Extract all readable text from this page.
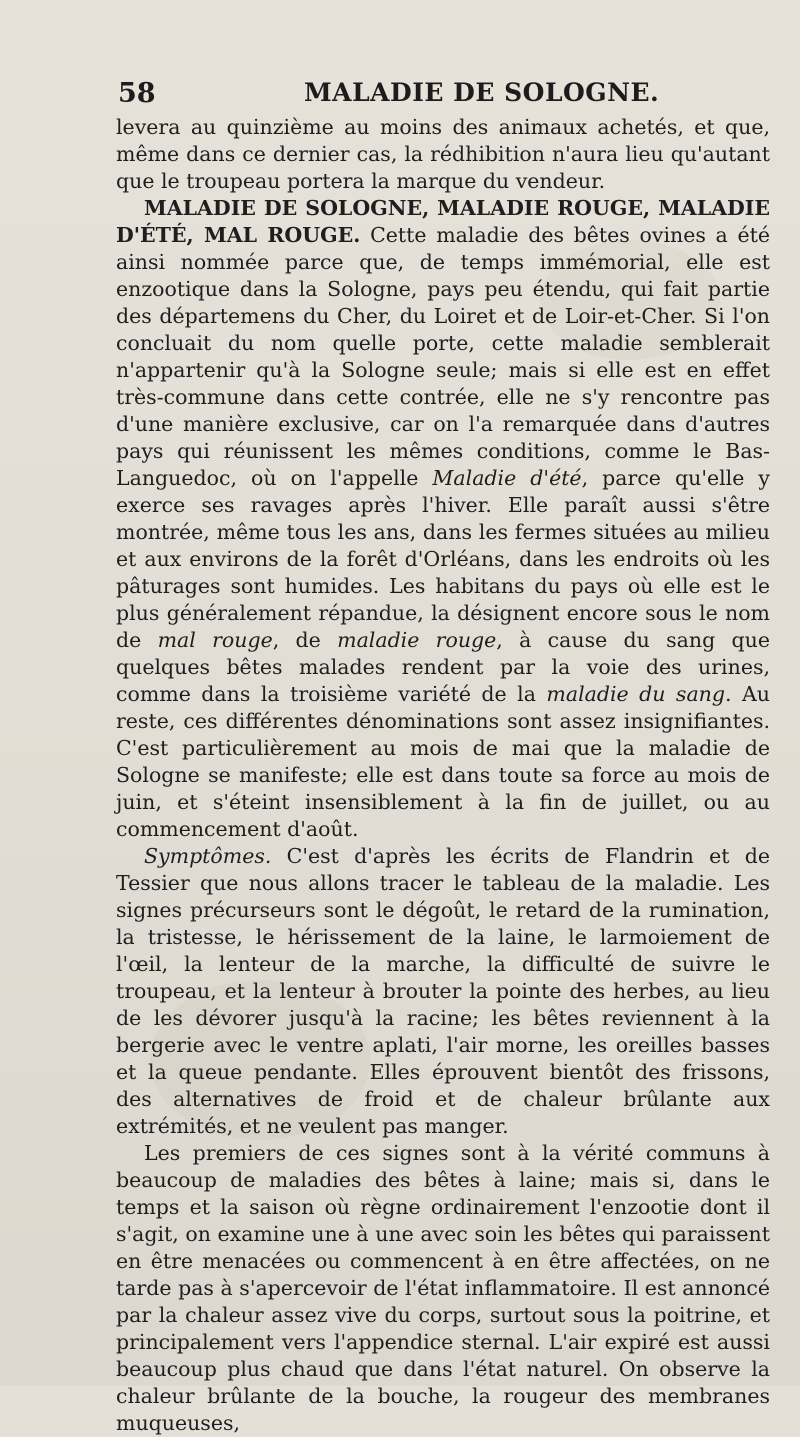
58	MALADIE DE SOLOGNE.

levera au quinzième au moins des animaux achetés, et que, même dans ce dernier cas, la rédhibition n'aura lieu qu'autant que le troupeau portera la marque du vendeur.

MALADIE DE SOLOGNE, MALADIE ROUGE, MALADIE D'ÉTÉ, MAL ROUGE. Cette maladie des bêtes ovines a été ainsi nommée parce que, de temps immémorial, elle est enzootique dans la Sologne, pays peu étendu, qui fait partie des départemens du Cher, du Loiret et de Loir-et-Cher. Si l'on concluait du nom quelle porte, cette maladie semblerait n'appartenir qu'à la Sologne seule; mais si elle est en effet très-commune dans cette contrée, elle ne s'y rencontre pas d'une manière exclusive, car on l'a remarquée dans d'autres pays qui réunissent les mêmes conditions, comme le Bas-Languedoc, où on l'appelle Maladie d'été, parce qu'elle y exerce ses ravages après l'hiver. Elle paraît aussi s'être montrée, même tous les ans, dans les fermes situées au milieu et aux environs de la forêt d'Orléans, dans les endroits où les pâturages sont humides. Les habitans du pays où elle est le plus généralement répandue, la désignent encore sous le nom de mal rouge, de maladie rouge, à cause du sang que quelques bêtes malades rendent par la voie des urines, comme dans la troisième variété de la maladie du sang. Au reste, ces différentes dénominations sont assez insignifiantes. C'est particulièrement au mois de mai que la maladie de Sologne se manifeste; elle est dans toute sa force au mois de juin, et s'éteint insensiblement à la fin de juillet, ou au commencement d'août.

Symptômes. C'est d'après les écrits de Flandrin et de Tessier que nous allons tracer le tableau de la maladie. Les signes précurseurs sont le dégoût, le retard de la rumination, la tristesse, le hérissement de la laine, le larmoiement de l'œil, la lenteur de la marche, la difficulté de suivre le troupeau, et la lenteur à brouter la pointe des herbes, au lieu de les dévorer jusqu'à la racine; les bêtes reviennent à la bergerie avec le ventre aplati, l'air morne, les oreilles basses et la queue pendante. Elles éprouvent bientôt des frissons, des alternatives de froid et de chaleur brûlante aux extrémités, et ne veulent pas manger.

Les premiers de ces signes sont à la vérité communs à beaucoup de maladies des bêtes à laine; mais si, dans le temps et la saison où règne ordinairement l'enzootie dont il s'agit, on examine une à une avec soin les bêtes qui paraissent en être menacées ou commencent à en être affectées, on ne tarde pas à s'apercevoir de l'état inflammatoire. Il est annoncé par la chaleur assez vive du corps, surtout sous la poitrine, et principalement vers l'appendice sternal. L'air expiré est aussi beaucoup plus chaud que dans l'état naturel. On observe la chaleur brûlante de la bouche, la rougeur des membranes muqueuses,
